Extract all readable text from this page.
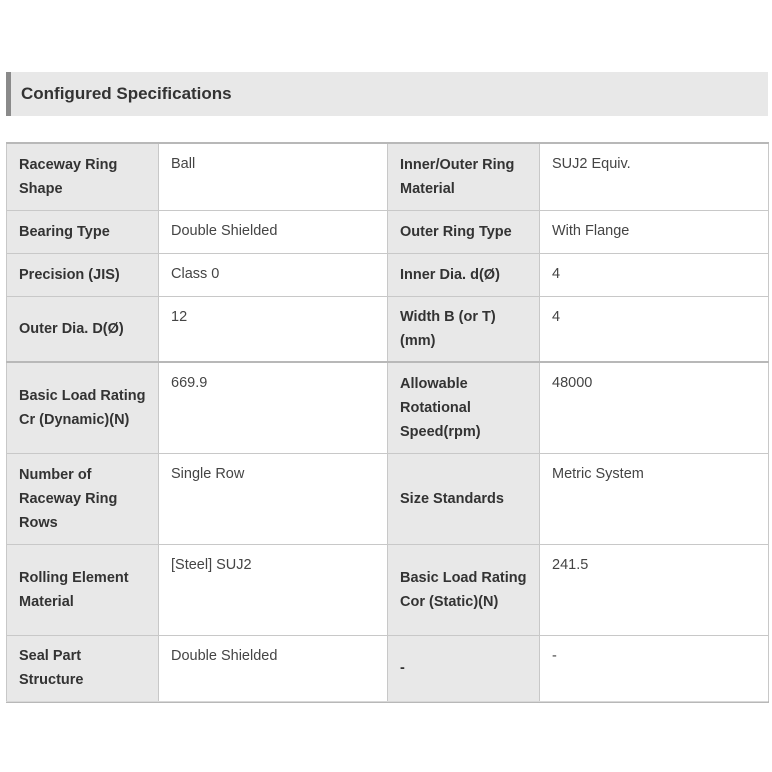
Configured Specifications
Raceway Ring Shape	Ball	Inner/Outer Ring Material	SUJ2 Equiv.
Bearing Type	Double Shielded	Outer Ring Type	With Flange
Precision (JIS)	Class 0	Inner Dia. d(Ø)	4
Outer Dia. D(Ø)	12	Width B (or T)(mm)	4
Basic Load Rating Cr (Dynamic)(N)	669.9	Allowable Rotational Speed(rpm)	48000
Number of Raceway Ring Rows	Single Row	Size Standards	Metric System
Rolling Element Material	[Steel] SUJ2	Basic Load Rating Cor (Static)(N)	241.5
Seal Part Structure	Double Shielded	-	-
